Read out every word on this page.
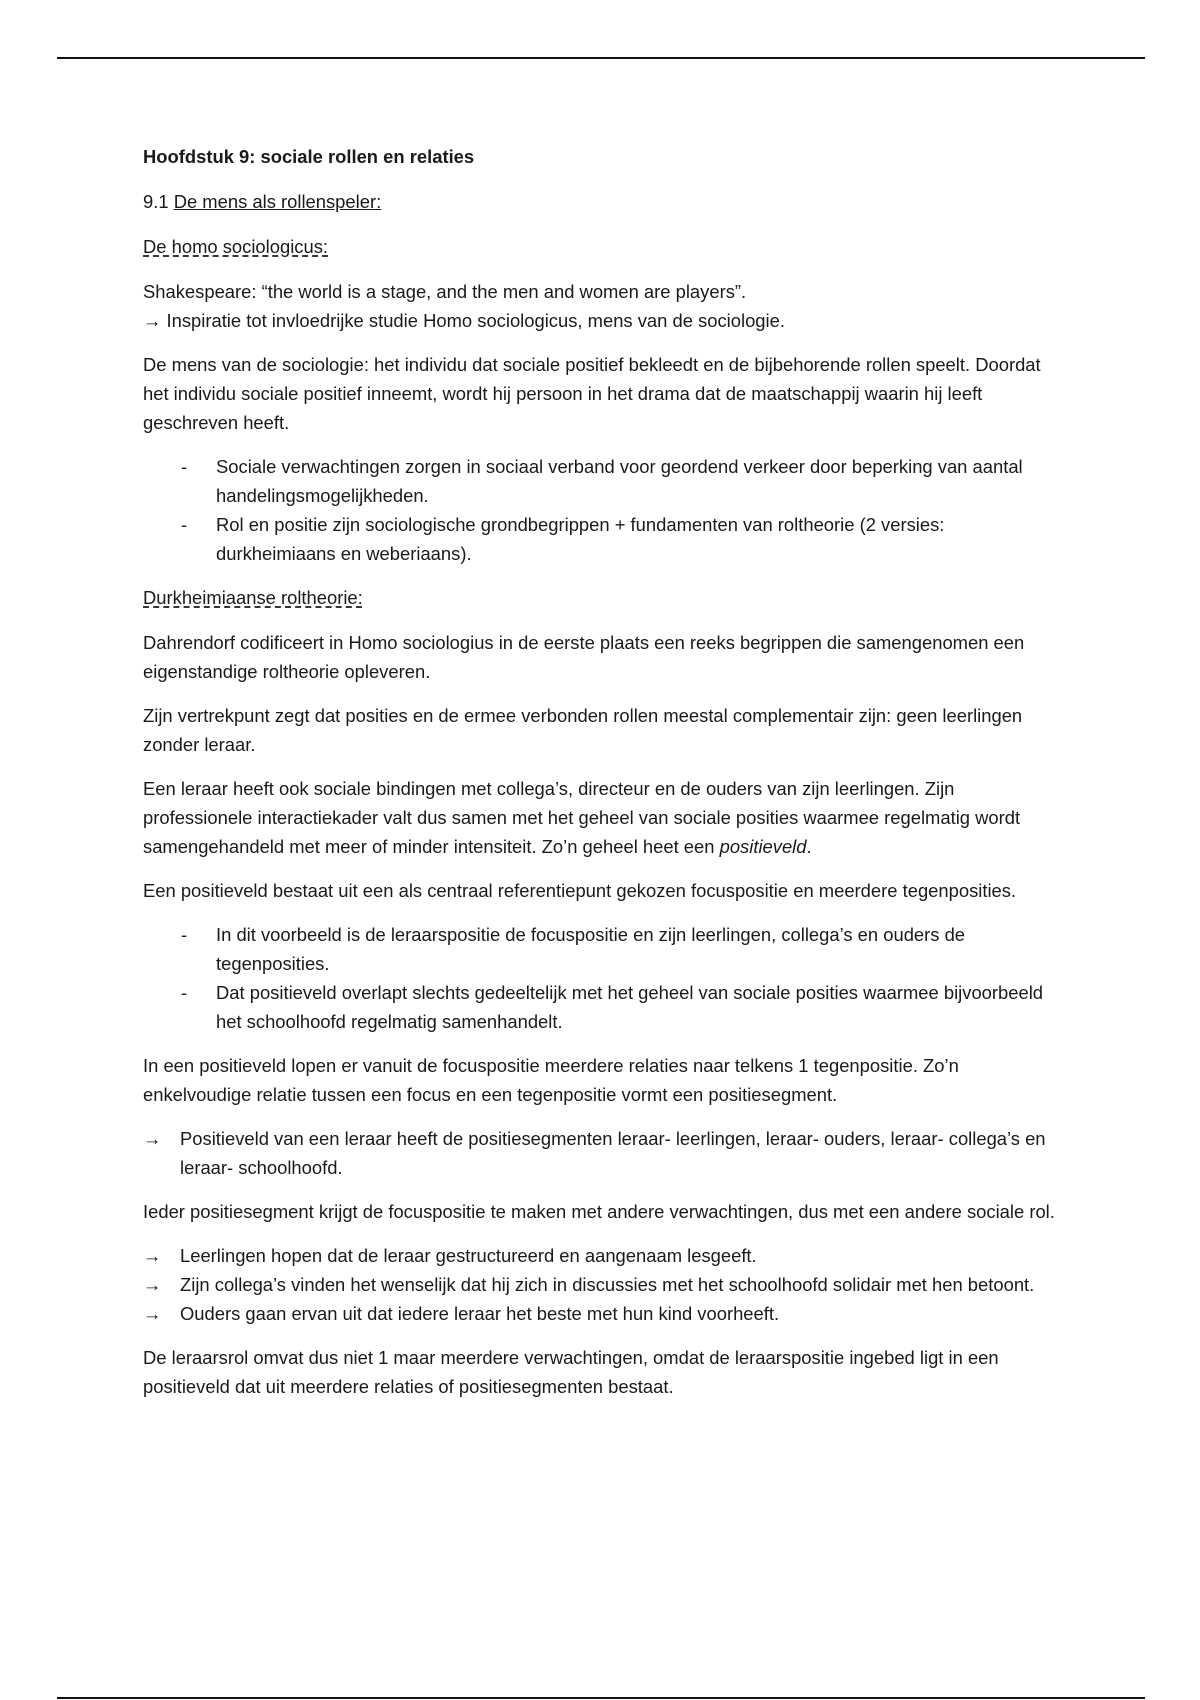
Hoofdstuk 9: sociale rollen en relaties

9.1 De mens als rollenspeler:

De homo sociologicus:

Shakespeare: “the world is a stage, and the men and women are players”.
→ Inspiratie tot invloedrijke studie Homo sociologicus, mens van de sociologie.

De mens van de sociologie: het individu dat sociale positief bekleedt en de bijbehorende rollen speelt. Doordat het individu sociale positief inneemt, wordt hij persoon in het drama dat de maatschappij waarin hij leeft geschreven heeft.

- Sociale verwachtingen zorgen in sociaal verband voor geordend verkeer door beperking van aantal handelingsmogelijkheden.
- Rol en positie zijn sociologische grondbegrippen + fundamenten van roltheorie (2 versies: durkheimiaans en weberiaans).

Durkheimiaanse roltheorie:

Dahrendorf codificeert in Homo sociologius in de eerste plaats een reeks begrippen die samengenomen een eigenstandige roltheorie opleveren.

Zijn vertrekpunt zegt dat posities en de ermee verbonden rollen meestal complementair zijn: geen leerlingen zonder leraar.

Een leraar heeft ook sociale bindingen met collega’s, directeur en de ouders van zijn leerlingen. Zijn professionele interactiekader valt dus samen met het geheel van sociale posities waarmee regelmatig wordt samengehandeld met meer of minder intensiteit. Zo’n geheel heet een positieveld.

Een positieveld bestaat uit een als centraal referentiepunt gekozen focuspositie en meerdere tegenposities.

- In dit voorbeeld is de leraarspositie de focuspositie en zijn leerlingen, collega’s en ouders de tegenposities.
- Dat positieveld overlapt slechts gedeeltelijk met het geheel van sociale posities waarmee bijvoorbeeld het schoolhoofd regelmatig samenhandelt.

In een positieveld lopen er vanuit de focuspositie meerdere relaties naar telkens 1 tegenpositie. Zo’n enkelvoudige relatie tussen een focus en een tegenpositie vormt een positiesegment.

→ Positieveld van een leraar heeft de positiesegmenten leraar- leerlingen, leraar- ouders, leraar- collega’s en leraar- schoolhoofd.

Ieder positiesegment krijgt de focuspositie te maken met andere verwachtingen, dus met een andere sociale rol.

→ Leerlingen hopen dat de leraar gestructureerd en aangenaam lesgeeft.
→ Zijn collega’s vinden het wenselijk dat hij zich in discussies met het schoolhoofd solidair met hen betoont.
→ Ouders gaan ervan uit dat iedere leraar het beste met hun kind voorheeft.

De leraarsrol omvat dus niet 1 maar meerdere verwachtingen, omdat de leraarspositie ingebed ligt in een positieveld dat uit meerdere relaties of positiesegmenten bestaat.
